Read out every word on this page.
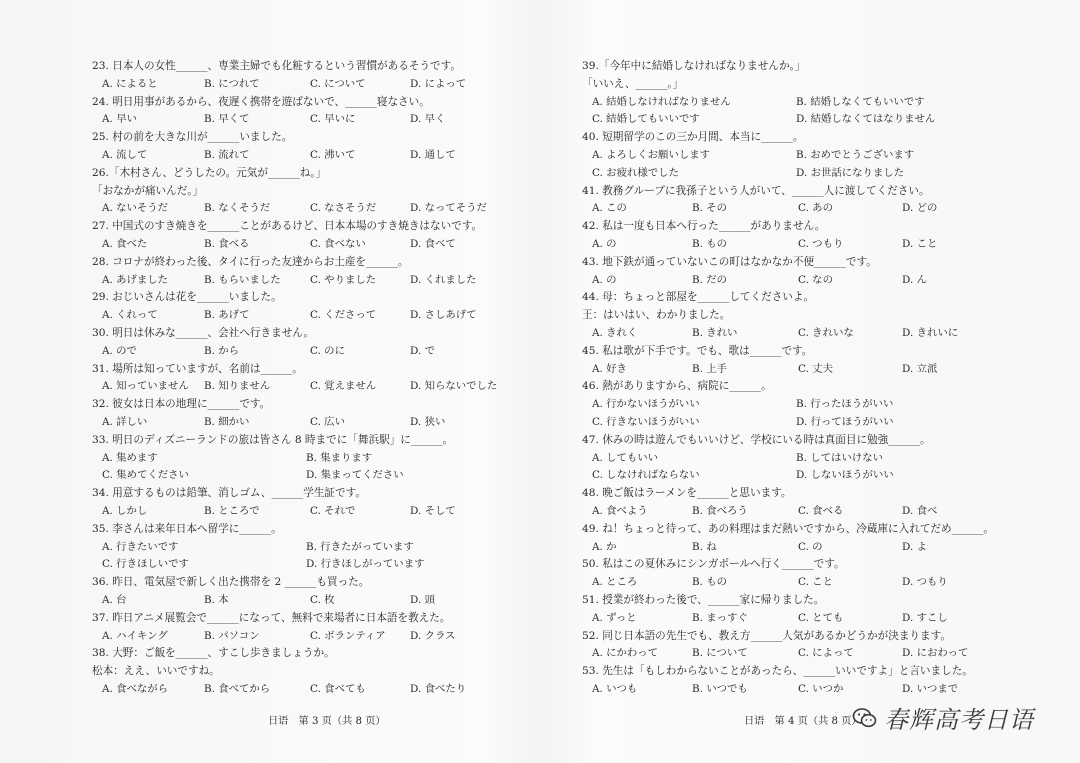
23. 日本人の女性______、専業主婦でも化粧するという習慣があるそうです。
A. によると	B. につれて	C. について	D. によって
24. 明日用事があるから、夜遅く携帯を遊ばないで、______寝なさい。
A. 早い	B. 早くて	C. 早いに	D. 早く
25. 村の前を大きな川が______いました。
A. 流して	B. 流れて	C. 沸いて	D. 通して
26.「木村さん、どうしたの。元気が______ね。」
「おなかが痛いんだ。」
A. ないそうだ	B. なくそうだ	C. なさそうだ	D. なってそうだ
27. 中国式のすき焼きを______ことがあるけど、日本本場のすき焼きはないです。
A. 食べた	B. 食べる	C. 食べない	D. 食べて
28. コロナが終わった後、タイに行った友達からお土産を______。
A. あげました	B. もらいました	C. やりました	D. くれました
29. おじいさんは花を______いました。
A. くれって	B. あげて	C. くださって	D. さしあげて
30. 明日は休みな______、会社へ行きません。
A. ので	B. から	C. のに	D. で
31. 場所は知っていますが、名前は______。
A. 知っていません B. 知りません	C. 覚えません	D. 知らないでした
32. 彼女は日本の地理に______です。
A. 詳しい	B. 細かい	C. 広い	D. 狭い
33. 明日のディズニーランドの旅は皆さん 8 時までに「舞浜駅」に______。
A. 集めます	B. 集まります
C. 集めてください	D. 集まってください
34. 用意するものは鉛筆、消しゴム、______学生証です。
A. しかし	B. ところで	C. それで	D. そして
35. 李さんは来年日本へ留学に______。
A. 行きたいです	B. 行きたがっています
C. 行きほしいです	D. 行きほしがっています
36. 昨日、電気屋で新しく出た携帯を 2 ______も買った。
A. 台	B. 本	C. 枚	D. 頭
37. 昨日アニメ展覧会で______になって、無料で来場者に日本語を教えた。
A. ハイキング	B. パソコン	C. ボランティア D. クラス
38. 大野：ご飯を______、すこし歩きましょうか。
松本：ええ、いいですね。
A. 食べながら	B. 食べてから	C. 食べても	D. 食べたり
39.「今年中に結婚しなければなりませんか。」
「いいえ、______。」
A. 結婚しなければなりません	B. 結婚しなくてもいいです
C. 結婚してもいいです	D. 結婚しなくてはなりません
40. 短期留学のこの三か月間、本当に______。
A. よろしくお願いします	B. おめでとうございます
C. お疲れ様でした	D. お世話になりました
41. 教務グループに我孫子という人がいて、______人に渡してください。
A. この	B. その	C. あの	D. どの
42. 私は一度も日本へ行った______がありません。
A. の	B. もの	C. つもり	D. こと
43. 地下鉄が通っていないこの町はなかなか不便______です。
A. の	B. だの	C. なの	D. ん
44. 母：ちょっと部屋を______してくださいよ。
王：はいはい、わかりました。
A. きれく	B. きれい	C. きれいな	D. きれいに
45. 私は歌が下手です。でも、歌は______です。
A. 好き	B. 上手	C. 丈夫	D. 立派
46. 熱がありますから、病院に______。
A. 行かないほうがいい	B. 行ったほうがいい
C. 行きないほうがいい	D. 行ってほうがいい
47. 休みの時は遊んでもいいけど、学校にいる時は真面目に勉強______。
A. してもいい	B. してはいけない
C. しなければならない	D. しないほうがいい
48. 晩ご飯はラーメンを______と思います。
A. 食べよう	B. 食べろう	C. 食べる	D. 食べ
49. ね！ちょっと待って、あの料理はまだ熱いですから、冷蔵庫に入れてだめ______。
A. か	B. ね	C. の	D. よ
50. 私はこの夏休みにシンガポールへ行く______です。
A. ところ	B. もの	C. こと	D. つもり
51. 授業が終わった後で、______家に帰りました。
A. ずっと	B. まっすぐ	C. とても	D. すこし
52. 同じ日本語の先生でも、教え方______人気があるかどうかが決まります。
A. にかわって	B. について	C. によって	D. におわって
53. 先生は「もしわからないことがあったら、______いいですよ」と言いました。
A. いつも	B. いつでも	C. いつか	D. いつまで
日语　第 3 页（共 8 页）	日语　第 4 页（共 8 页） 春辉高考日语
